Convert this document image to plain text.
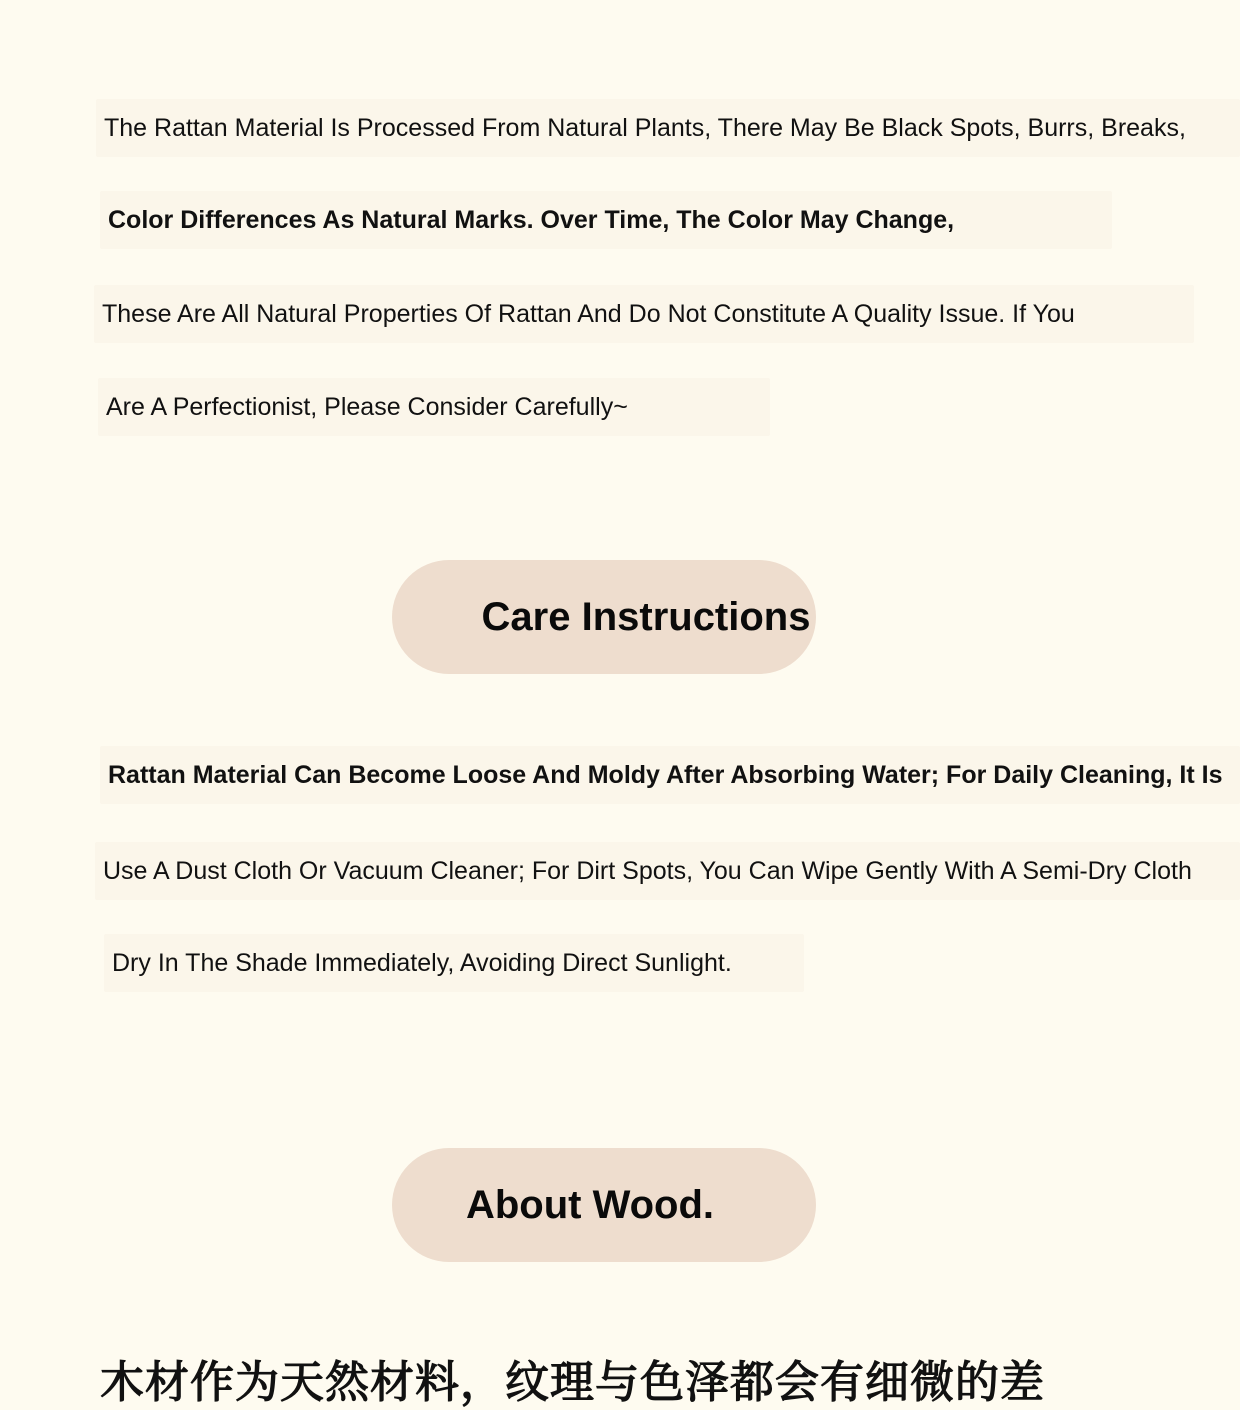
The Rattan Material Is Processed From Natural Plants, There May Be Black Spots, Burrs, Breaks,
Color Differences As Natural Marks. Over Time, The Color May Change,
These Are All Natural Properties Of Rattan And Do Not Constitute A Quality Issue. If You
Are A Perfectionist, Please Consider Carefully~
Care Instructions
Rattan Material Can Become Loose And Moldy After Absorbing Water; For Daily Cleaning, It Is
Use A Dust Cloth Or Vacuum Cleaner; For Dirt Spots, You Can Wipe Gently With A Semi-Dry Cloth
Dry In The Shade Immediately, Avoiding Direct Sunlight.
About Wood.
木材作为天然材料，纹理与色泽都会有细微的差
